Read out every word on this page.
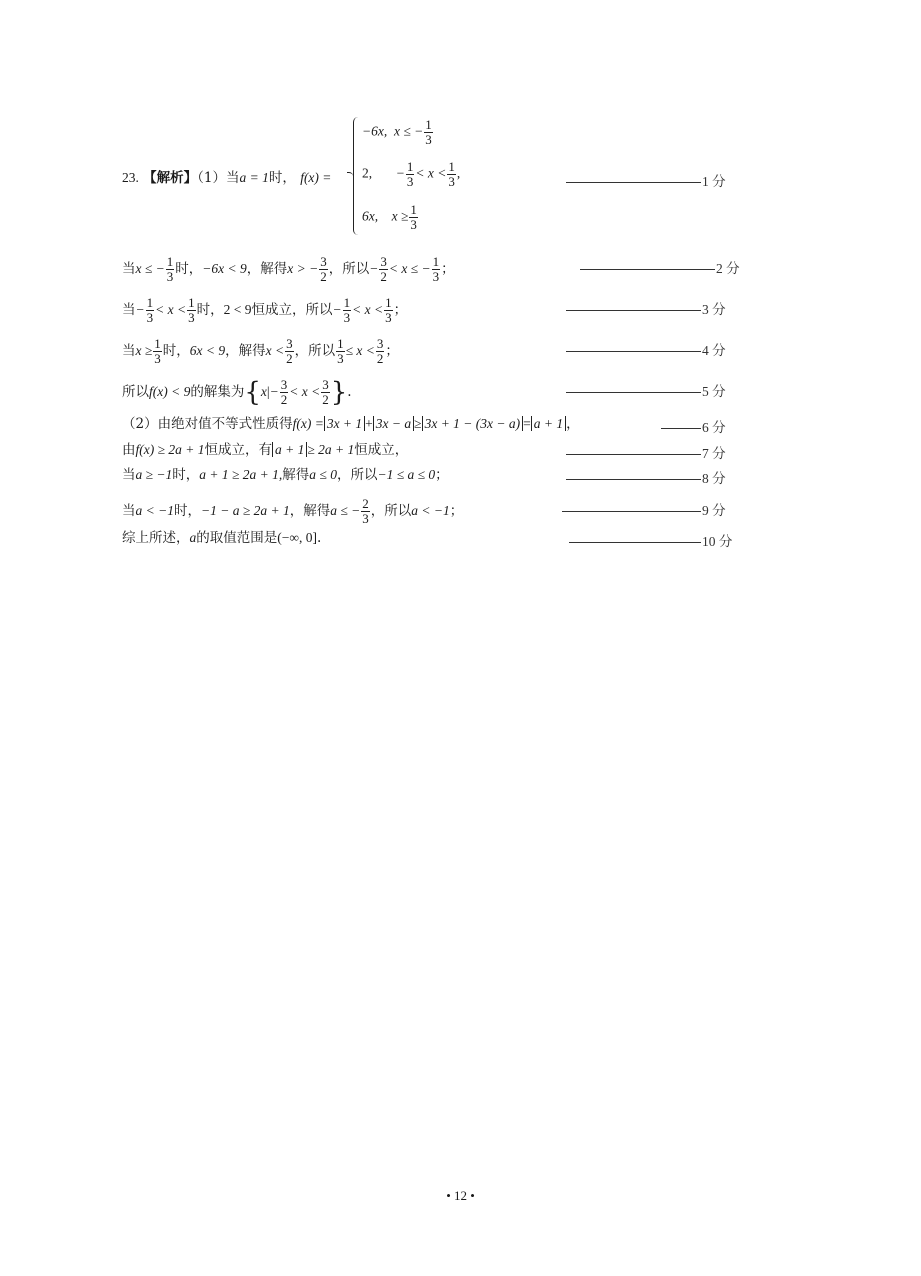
23. 【解析】（1）当a = 1时， f(x) =
−6x, x ≤ − $\frac{1}{3}$
2, − $\frac{1}{3} < x < \frac{1}{3}$ ,
6x, $x \ge \frac{1}{3}$
1 分
当x ≤ − $\frac{1}{3}$ 时，−6x < 9，解得x > − $\frac{3}{2}$ ，所以− $\frac{3}{2} < x$ ≤ − $\frac{1}{3}$ ；	2 分
当− $\frac{1}{3} < x < \frac{1}{3}$ 时，2 < 9恒成立，所以− $\frac{1}{3} < x < \frac{1}{3}$ ；	3 分
当$x \ge \frac{1}{3}$ 时，6x < 9，解得$x < \frac{3}{2}$ ，所以 $\frac{1}{3} \le x < \frac{3}{2}$ ；	4 分
所以f(x) < 9的解集为{$x|- \frac{3}{2} < x < \frac{3}{2}$ }.	5 分
（2）由绝对值不等式性质得f(x) = 3x + 1 + 3x − a ≥ 3x + 1 − (3x − a) = a + 1 ，	6 分
由f(x) ≥ 2a + 1恒成立，有 a + 1 ≥ 2a + 1恒成立，	7 分
当a ≥ −1时，a + 1 ≥ 2a + 1,解得a ≤ 0，所以−1 ≤ a ≤ 0；	8 分
当a < −1时，−1 − a ≥ 2a + 1，解得a ≤ − $\frac{2}{3}$ ，所以a < −1；	9 分
综上所述，a的取值范围是(−∞, 0].	10 分
• 12 •
